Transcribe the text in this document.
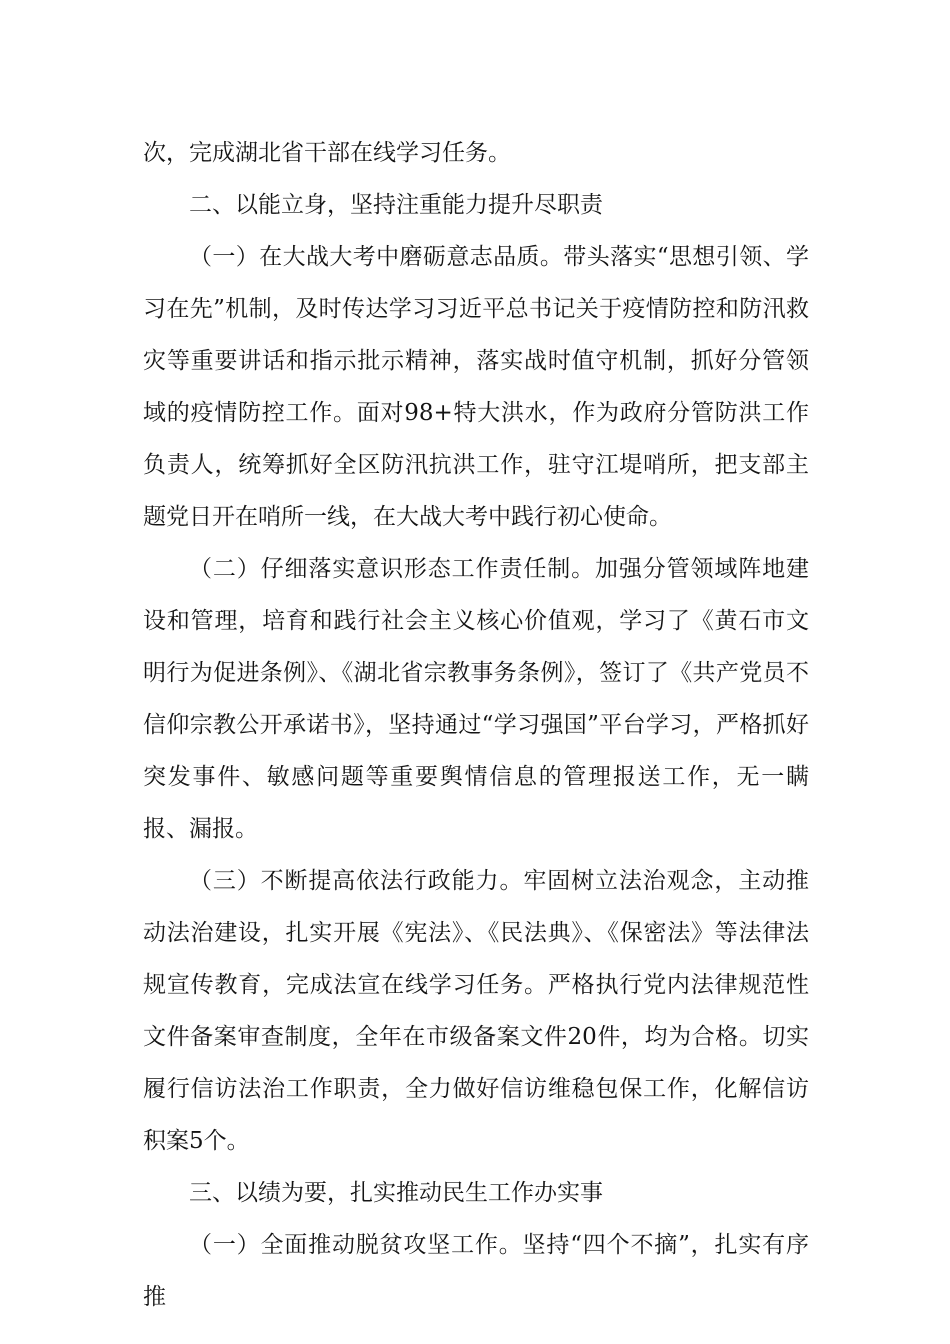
次，完成湖北省干部在线学习任务。

二、以能立身，坚持注重能力提升尽职责

（一）在大战大考中磨砺意志品质。带头落实“思想引领、学习在先”机制，及时传达学习习近平总书记关于疫情防控和防汛救灾等重要讲话和指示批示精神，落实战时值守机制，抓好分管领域的疫情防控工作。面对98+特大洪水，作为政府分管防洪工作负责人，统筹抓好全区防汛抗洪工作，驻守江堤哨所，把支部主题党日开在哨所一线，在大战大考中践行初心使命。

（二）仔细落实意识形态工作责任制。加强分管领域阵地建设和管理，培育和践行社会主义核心价值观，学习了《黄石市文明行为促进条例》、《湖北省宗教事务条例》，签订了《共产党员不信仰宗教公开承诺书》，坚持通过“学习强国”平台学习，严格抓好突发事件、敏感问题等重要舆情信息的管理报送工作，无一瞒报、漏报。

（三）不断提高依法行政能力。牢固树立法治观念，主动推动法治建设，扎实开展《宪法》、《民法典》、《保密法》等法律法规宣传教育，完成法宣在线学习任务。严格执行党内法律规范性文件备案审查制度，全年在市级备案文件20件，均为合格。切实履行信访法治工作职责，全力做好信访维稳包保工作，化解信访积案5个。

三、以绩为要，扎实推动民生工作办实事

（一）全面推动脱贫攻坚工作。坚持“四个不摘”，扎实有序推
